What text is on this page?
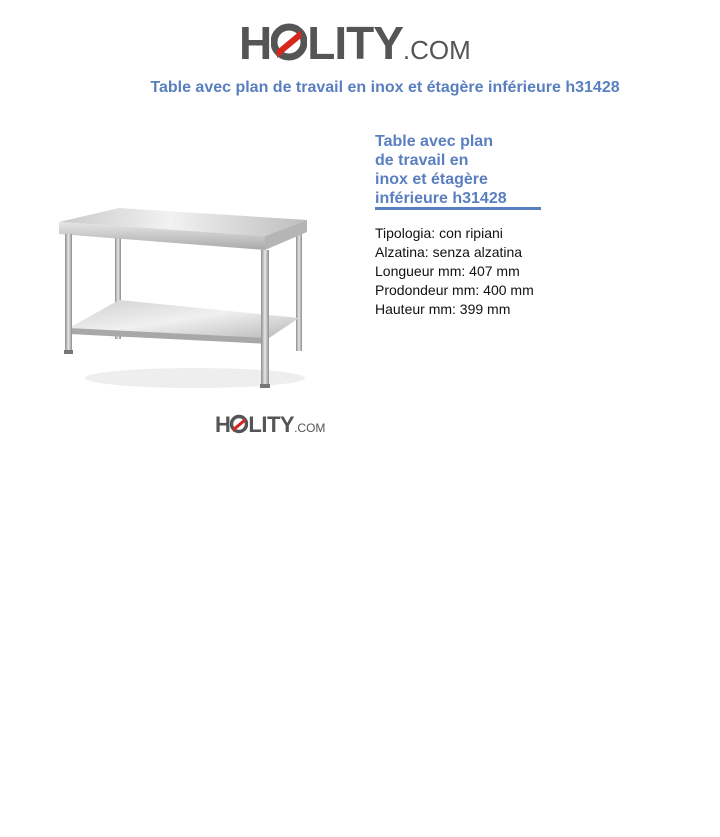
H LITY.COM
Table avec plan de travail en inox et étagère inférieure h31428
H LITY.COM
Table avec plan
de travail en
inox et étagère
inférieure h31428
Tipologia: con ripiani
Alzatina: senza alzatina
Longueur mm: 407 mm
Prodondeur mm: 400 mm
Hauteur mm: 399 mm
